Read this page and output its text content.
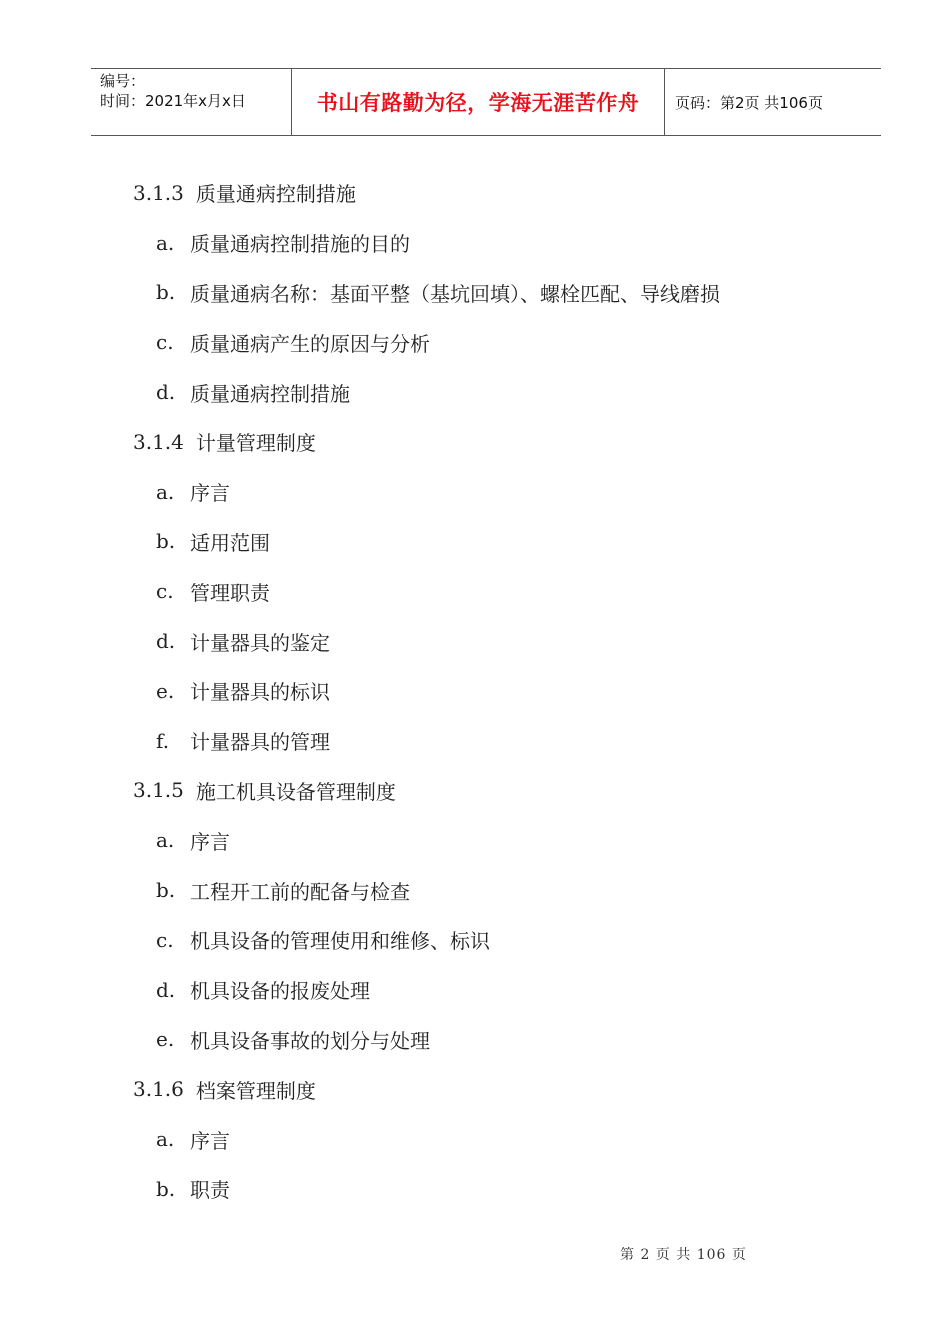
编号：
时间：2021年x月x日	书山有路勤为径，学海无涯苦作舟	页码：第2页 共106页
3.1.3 质量通病控制措施
a. 质量通病控制措施的目的
b. 质量通病名称：基面平整（基坑回填）、螺栓匹配、导线磨损
c. 质量通病产生的原因与分析
d. 质量通病控制措施
3.1.4 计量管理制度
a. 序言
b. 适用范围
c. 管理职责
d. 计量器具的鉴定
e. 计量器具的标识
f.	计量器具的管理
3.1.5 施工机具设备管理制度
a. 序言
b. 工程开工前的配备与检查
c. 机具设备的管理使用和维修、标识
d. 机具设备的报废处理
e. 机具设备事故的划分与处理
3.1.6 档案管理制度
a. 序言
b. 职责
第 2 页 共 106 页
